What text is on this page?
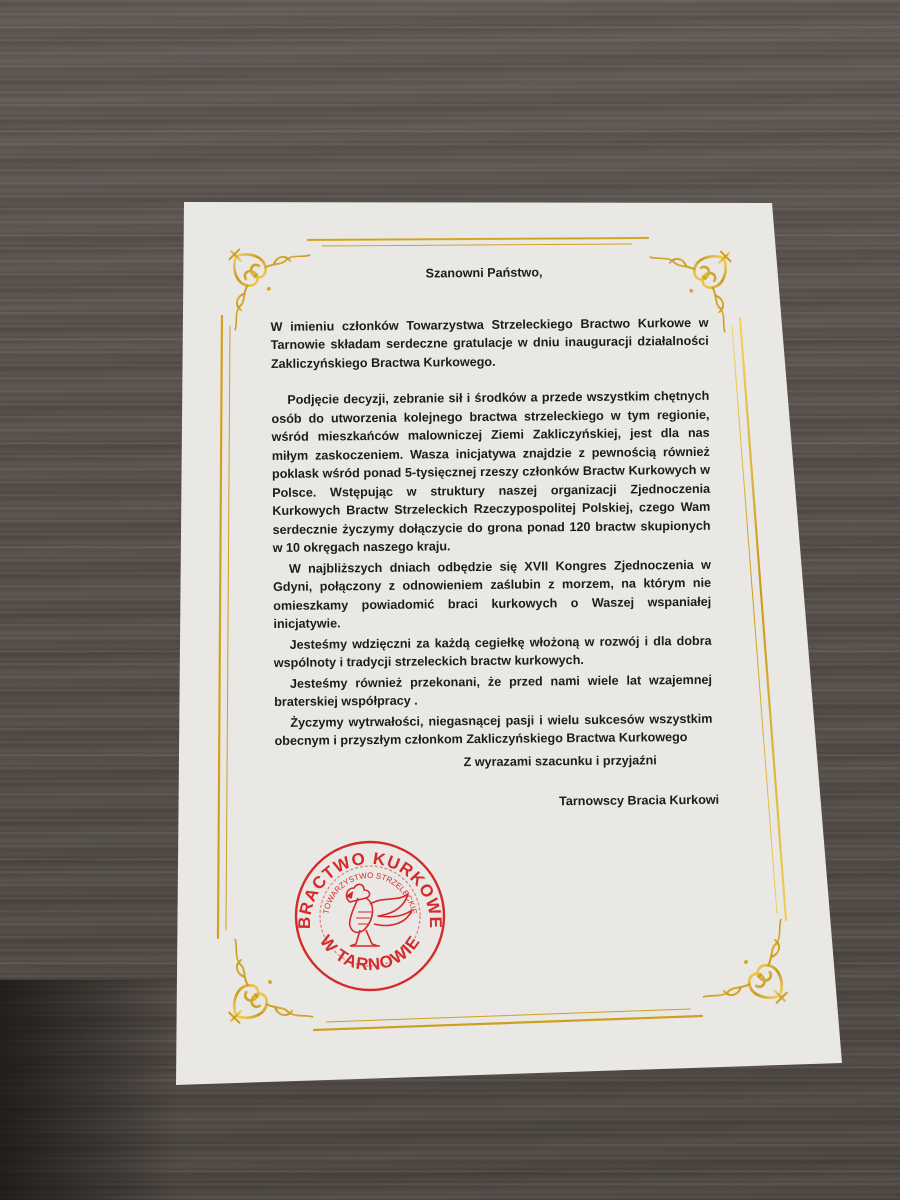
BRACTWO KURKOWE
TOWARZYSTWO STRZELECKIE
W TARNOWIE

Szanowni Państwo,

W imieniu członków Towarzystwa Strzeleckiego Bractwo Kurkowe w Tarnowie składam serdeczne gratulacje w dniu inauguracji działalności Zakliczyńskiego Bractwa Kurkowego.

Podjęcie decyzji, zebranie sił i środków a przede wszystkim chętnych osób do utworzenia kolejnego bractwa strzeleckiego w tym regionie, wśród mieszkańców malowniczej Ziemi Zakliczyńskiej, jest dla nas miłym zaskoczeniem. Wasza inicjatywa znajdzie z pewnością również poklask wśród ponad 5-tysięcznej rzeszy członków Bractw Kurkowych w Polsce. Wstępując w struktury naszej organizacji Zjednoczenia Kurkowych Bractw Strzeleckich Rzeczypospolitej Polskiej, czego Wam serdecznie życzymy dołączycie do grona ponad 120 bractw skupionych w 10 okręgach naszego kraju.

W najbliższych dniach odbędzie się XVII Kongres Zjednoczenia w Gdyni, połączony z odnowieniem zaślubin z morzem, na którym nie omieszkamy powiadomić braci kurkowych o Waszej wspaniałej inicjatywie.

Jesteśmy wdzięczni za każdą cegiełkę włożoną w rozwój i dla dobra wspólnoty i tradycji strzeleckich bractw kurkowych.

Jesteśmy również przekonani, że przed nami wiele lat wzajemnej braterskiej współpracy .

Życzymy wytrwałości, niegasnącej pasji i wielu sukcesów wszystkim obecnym i przyszłym członkom Zakliczyńskiego Bractwa Kurkowego

Z wyrazami szacunku i przyjaźni

Tarnowscy Bracia Kurkowi
